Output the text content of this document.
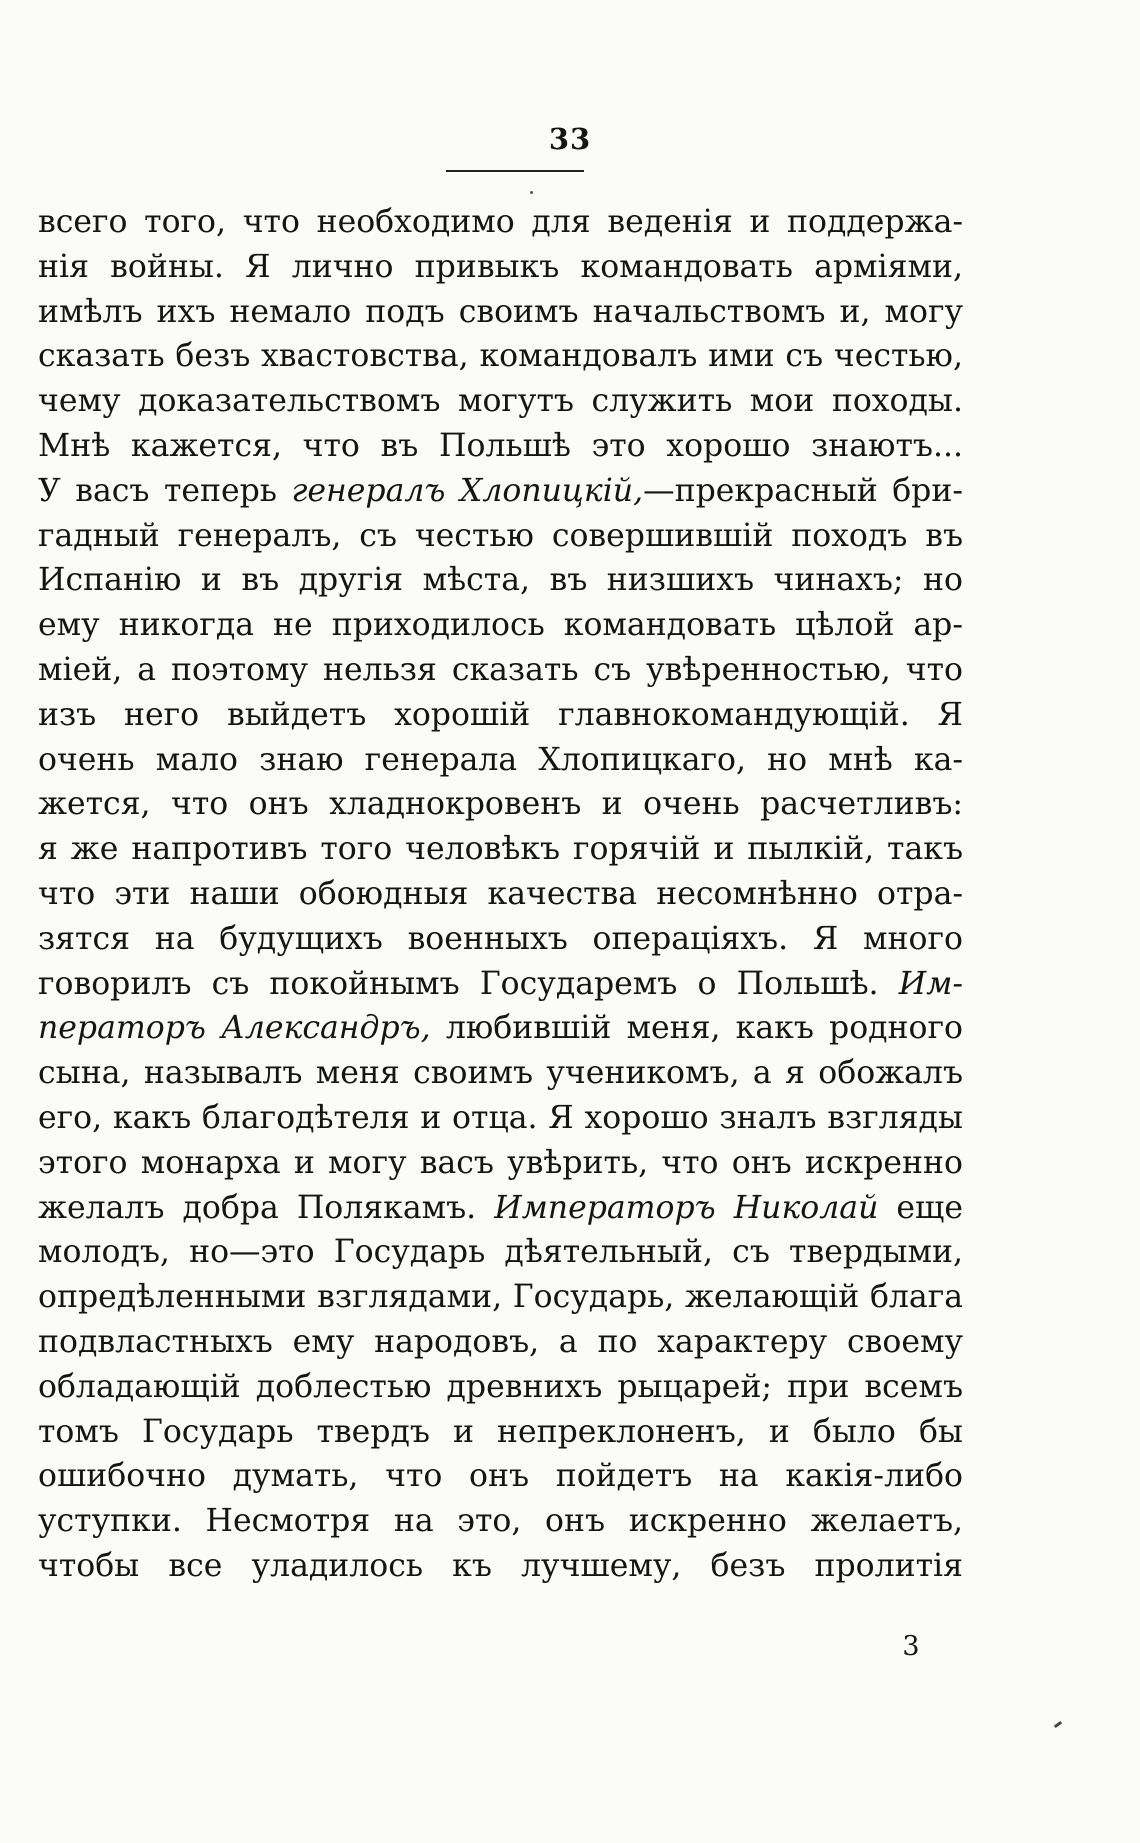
33
всего того, что необходимо для веденія и поддержа-
нія войны. Я лично привыкъ командовать арміями,
имѣлъ ихъ немало подъ своимъ начальствомъ и, могу
сказать безъ хвастовства, командовалъ ими съ честью,
чему доказательствомъ могутъ служить мои походы.
Мнѣ кажется, что въ Польшѣ это хорошо знаютъ...
У васъ теперь генералъ Хлопицкій,—прекрасный бри-
гадный генералъ, съ честью совершившій походъ въ
Испанію и въ другія мѣста, въ низшихъ чинахъ; но
ему никогда не приходилось командовать цѣлой ар-
міей, а поэтому нельзя сказать съ увѣренностью, что
изъ него выйдетъ хорошій главнокомандующій. Я
очень мало знаю генерала Хлопицкаго, но мнѣ ка-
жется, что онъ хладнокровенъ и очень расчетливъ:
я же напротивъ того человѣкъ горячій и пылкій, такъ
что эти наши обоюдныя качества несомнѣнно отра-
зятся на будущихъ военныхъ операціяхъ. Я много
говорилъ съ покойнымъ Государемъ о Польшѣ. Им-
ператоръ Александръ, любившій меня, какъ родного
сына, называлъ меня своимъ ученикомъ, а я обожалъ
его, какъ благодѣтеля и отца. Я хорошо зналъ взгляды
этого монарха и могу васъ увѣрить, что онъ искренно
желалъ добра Полякамъ. Императоръ Николай еще
молодъ, но—это Государь дѣятельный, съ твердыми,
опредѣленными взглядами, Государь, желающій блага
подвластныхъ ему народовъ, а по характеру своему
обладающій доблестью древнихъ рыцарей; при всемъ
томъ Государь твердъ и непреклоненъ, и было бы
ошибочно думать, что онъ пойдетъ на какія-либо
уступки. Несмотря на это, онъ искренно желаетъ,
чтобы все уладилось къ лучшему, безъ пролитія
3
